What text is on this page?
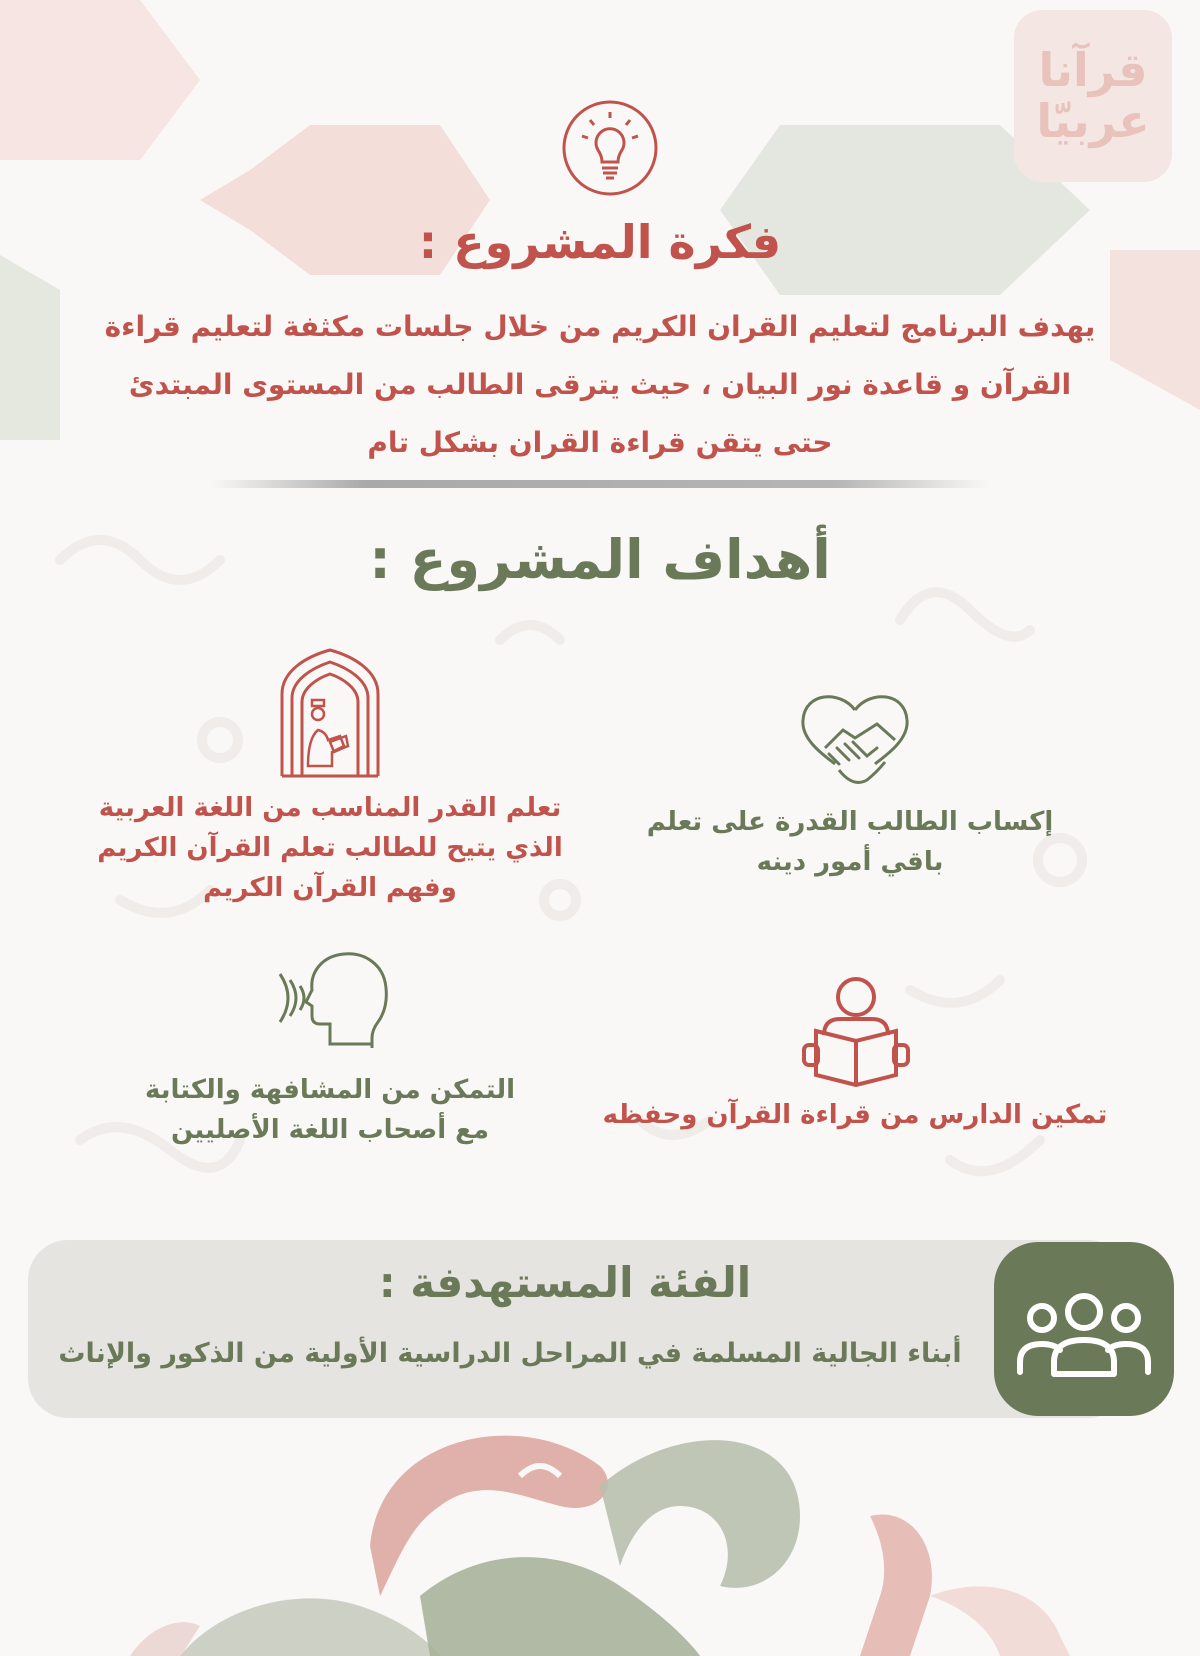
قرآنا
عربيّا
فكرة المشروع :
يهدف البرنامج لتعليم القران الكريم من خلال جلسات مكثفة لتعليم قراءة
القرآن و قاعدة نور البيان ، حيث يترقى الطالب من المستوى المبتدئ
حتى يتقن قراءة القران بشكل تام
أهداف المشروع :
إكساب الطالب القدرة على تعلم
باقي أمور دينه
تعلم القدر المناسب من اللغة العربية
الذي يتيح للطالب تعلم القرآن الكريم
وفهم القرآن الكريم
تمكين الدارس من قراءة القرآن وحفظه
التمكن من المشافهة والكتابة
مع أصحاب اللغة الأصليين
الفئة المستهدفة :

أبناء الجالية المسلمة في المراحل الدراسية الأولية من الذكور والإناث
